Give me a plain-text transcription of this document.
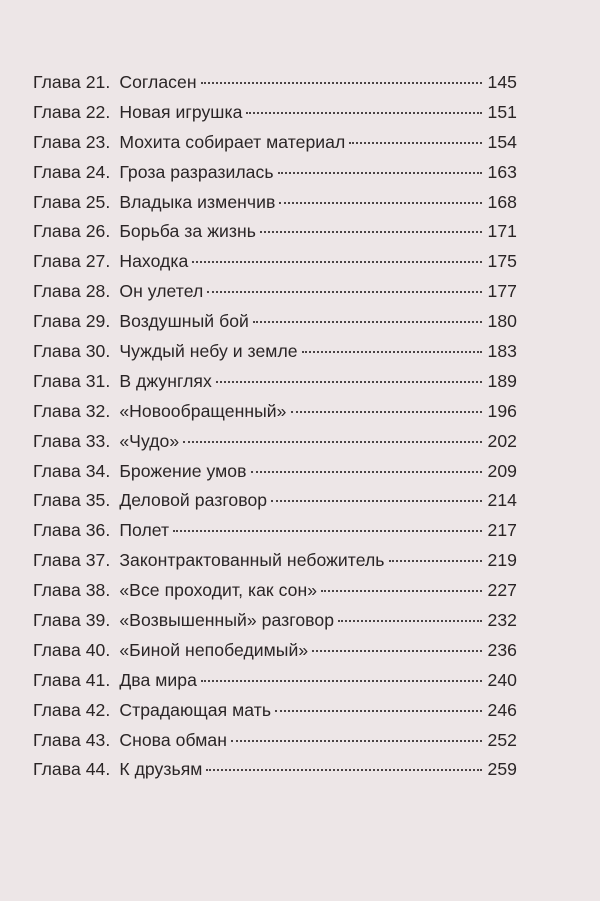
Глава 21. Согласен	145
Глава 22. Новая игрушка	151
Глава 23. Мохита собирает материал	154
Глава 24. Гроза разразилась	163
Глава 25. Владыка изменчив	168
Глава 26. Борьба за жизнь	171
Глава 27. Находка	175
Глава 28. Он улетел	177
Глава 29. Воздушный бой	180
Глава 30. Чуждый небу и земле	183
Глава 31. В джунглях	189
Глава 32. «Новообращенный»	196
Глава 33. «Чудо»	202
Глава 34. Брожение умов	209
Глава 35. Деловой разговор	214
Глава 36. Полет	217
Глава 37. Законтрактованный небожитель	219
Глава 38. «Все проходит, как сон»	227
Глава 39. «Возвышенный» разговор	232
Глава 40. «Биной непобедимый»	236
Глава 41. Два мира	240
Глава 42. Страдающая мать	246
Глава 43. Снова обман	252
Глава 44. К друзьям	259
